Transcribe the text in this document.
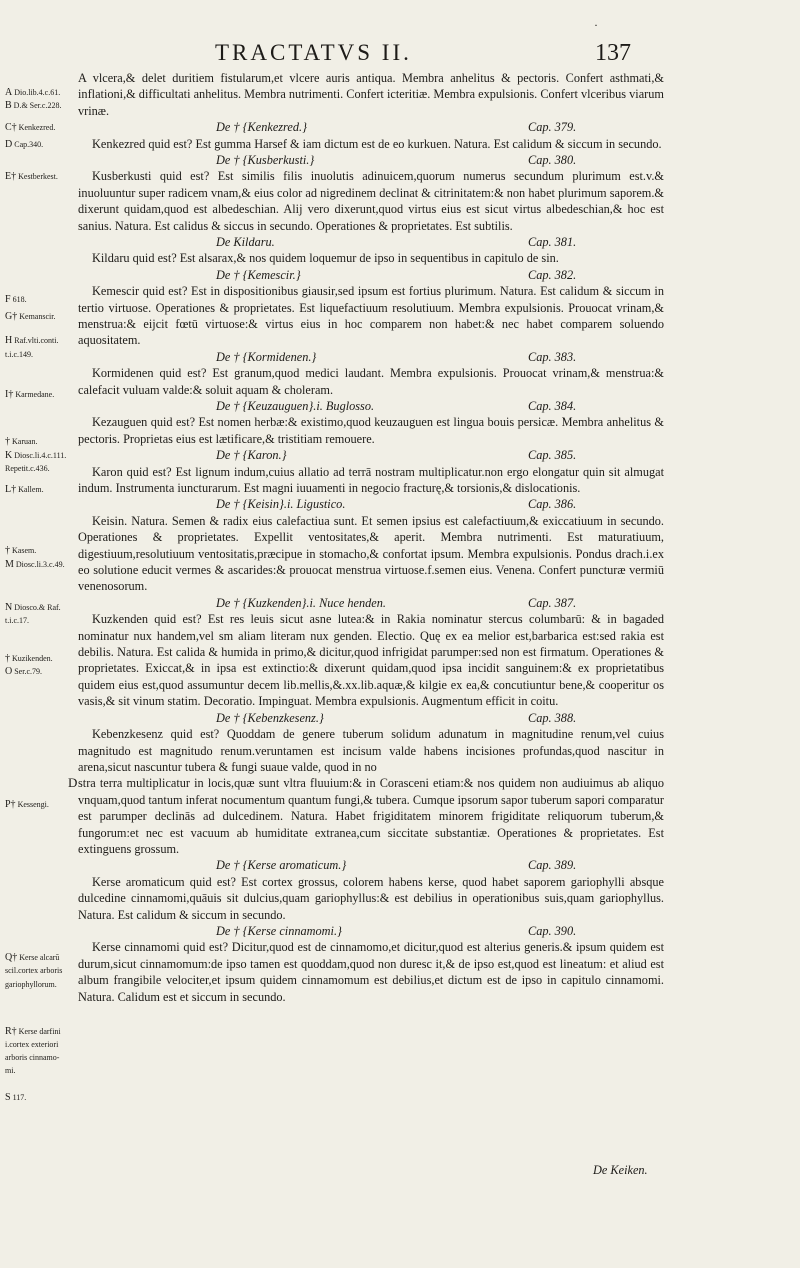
·
TRACTATVS II.	137
A Dio.lib.4.c.61.
B D.& Ser.c.228.
C† Kenkezred.
D Cap.340.
E† Kestberkest.
F 618.
G† Kemanscir.
H Raf.vlti.conti.
t.i.c.149.
I† Karmedane.
† Karuan.
K Diosc.li.4.c.111.
Repetit.c.436.
L† Kallem.
† Kasem.
M Diosc.li.3.c.49.
N Diosco.& Raf.
t.i.c.17.
† Kuzikenden.
O Ser.c.79.
P† Kessengi.
Q† Kerse alcarū
scil.cortex arboris
gariophyllorum.
R† Kerse darfini
i.cortex exteriori
arboris cinnamo-
mi.
S 117.

A vlcera,& delet duritiem fistularum,et vlcere auris antiqua. Membra anhelitus & pectoris. Confert asthmati,& inflationi,& difficultati anhelitus. Membra nutrimenti. Confert icteritiæ. Membra expulsionis. Confert vlceribus viarum vrinæ.

De † {Kenkezred.}	Cap. 379.

Kenkezred quid est? Est gumma Harsef & iam dictum est de eo kurkuen. Natura. Est calidum & siccum in secundo.

De † {Kusberkusti.}	Cap. 380.

Kusberkusti quid est? Est similis filis inuolutis adinuicem,quorum numerus secundum plurimum est.v.& inuoluuntur super radicem vnam,& eius color ad nigredinem declinat & citrinitatem:& non habet plurimum saporem.& dixerunt quidam,quod est albedeschian. Alij vero dixerunt,quod virtus eius est sicut virtus albedeschian,& hoc est sanius. Natura. Est calidus & siccus in secundo. Operationes & proprietates. Est subtilis.

De Kildaru.	Cap. 381.

Kildaru quid est? Est alsarax,& nos quidem loquemur de ipso in sequentibus in capitulo de sin.

De † {Kemescir.}	Cap. 382.

Kemescir quid est? Est in dispositionibus giausir,sed ipsum est fortius plurimum. Natura. Est calidum & siccum in tertio virtuose. Operationes & proprietates. Est liquefactiuum resolutiuum. Membra expulsionis. Prouocat vrinam,& menstrua:& eijcit fœtū virtuose:& virtus eius in hoc comparem non habet:& nec habet comparem soluendo aquositatem.

De † {Kormidenen.}	Cap. 383.

Kormidenen quid est? Est granum,quod medici laudant. Membra expulsionis. Prouocat vrinam,& menstrua:& calefacit vuluam valde:& soluit aquam & choleram.

De † {Keuzauguen}.i. Buglosso.	Cap. 384.

Kezauguen quid est? Est nomen herbæ:& existimo,quod keuzauguen est lingua bouis persicæ. Membra anhelitus & pectoris. Proprietas eius est lætificare,& tristitiam remouere.

De † {Karon.}	Cap. 385.

Karon quid est? Est lignum indum,cuius allatio ad terrā nostram multiplicatur.non ergo elongatur quin sit almugat indum. Instrumenta iuncturarum. Est magni iuuamenti in negocio fracturę,& torsionis,& dislocationis.

De † {Keisin}.i. Ligustico.	Cap. 386.

Keisin. Natura. Semen & radix eius calefactiua sunt. Et semen ipsius est calefactiuum,& exiccatiuum in secundo. Operationes & proprietates. Expellit ventositates,& aperit. Membra nutrimenti. Est maturatiuum, digestiuum,resolutiuum ventositatis,præcipue in stomacho,& confortat ipsum. Membra expulsionis. Pondus drach.i.ex eo solutione educit vermes & ascarides:& prouocat menstrua virtuose.f.semen eius. Venena. Confert puncturæ vermiū venenosorum.

De † {Kuzkenden}.i. Nuce henden.	Cap. 387.

Kuzkenden quid est? Est res leuis sicut asne lutea:& in Rakia nominatur stercus columbarū: & in bagaded nominatur nux handem,vel sm aliam literam nux genden. Electio. Quę ex ea melior est,barbarica est:sed rakia est debilis. Natura. Est calida & humida in primo,& dicitur,quod infrigidat parumper:sed non est firmatum. Operationes & proprietates. Exiccat,& in ipsa est extinctio:& dixerunt quidam,quod ipsa incidit sanguinem:& ex proprietatibus quidem eius est,quod assumuntur decem lib.mellis,&.xx.lib.aquæ,& kilgie ex ea,& concutiuntur bene,& cooperitur os vasis,& sit vinum statim. Decoratio. Impinguat. Membra expulsionis. Augmentum efficit in coitu.

De † {Kebenzkesenz.}	Cap. 388.

Kebenzkesenz quid est? Quoddam de genere tuberum solidum adunatum in magnitudine renum,vel cuius magnitudo est magnitudo renum.veruntamen est incisum valde habens incisiones profundas,quod nascitur in arena,sicut nascuntur tubera & fungi suaue valde, quod in no

D stra terra multiplicatur in locis,quæ sunt vltra fluuium:& in Corasceni etiam:& nos quidem non audiuimus ab aliquo vnquam,quod tantum inferat nocumentum quantum fungi,& tubera. Cumque ipsorum sapor tuberum sapori comparatur est parumper declinās ad dulcedinem. Natura. Habet frigiditatem minorem frigiditate reliquorum tuberum,& fungorum:et nec est vacuum ab humiditate extranea,cum siccitate substantiæ. Operationes & proprietates. Est extinguens grossum.

De † {Kerse aromaticum.}	Cap. 389.

Kerse aromaticum quid est? Est cortex grossus, colorem habens kerse, quod habet saporem gariophylli absque dulcedine cinnamomi,quāuis sit dulcius,quam gariophyllus:& est debilius in operationibus suis,quam gariophyllus. Natura. Est calidum & siccum in secundo.

De † {Kerse cinnamomi.}	Cap. 390.

Kerse cinnamomi quid est? Dicitur,quod est de cinnamomo,et dicitur,quod est alterius generis.& ipsum quidem est durum,sicut cinnamomum:de ipso tamen est quoddam,quod non duresc it,& de ipso est,quod est lineatum: et aliud est album frangibile velociter,et ipsum quidem cinnamomum est debilius,et dictum est de ipso in capitulo cinnamomi. Natura. Calidum est et siccum in secundo.

De Keiken.
